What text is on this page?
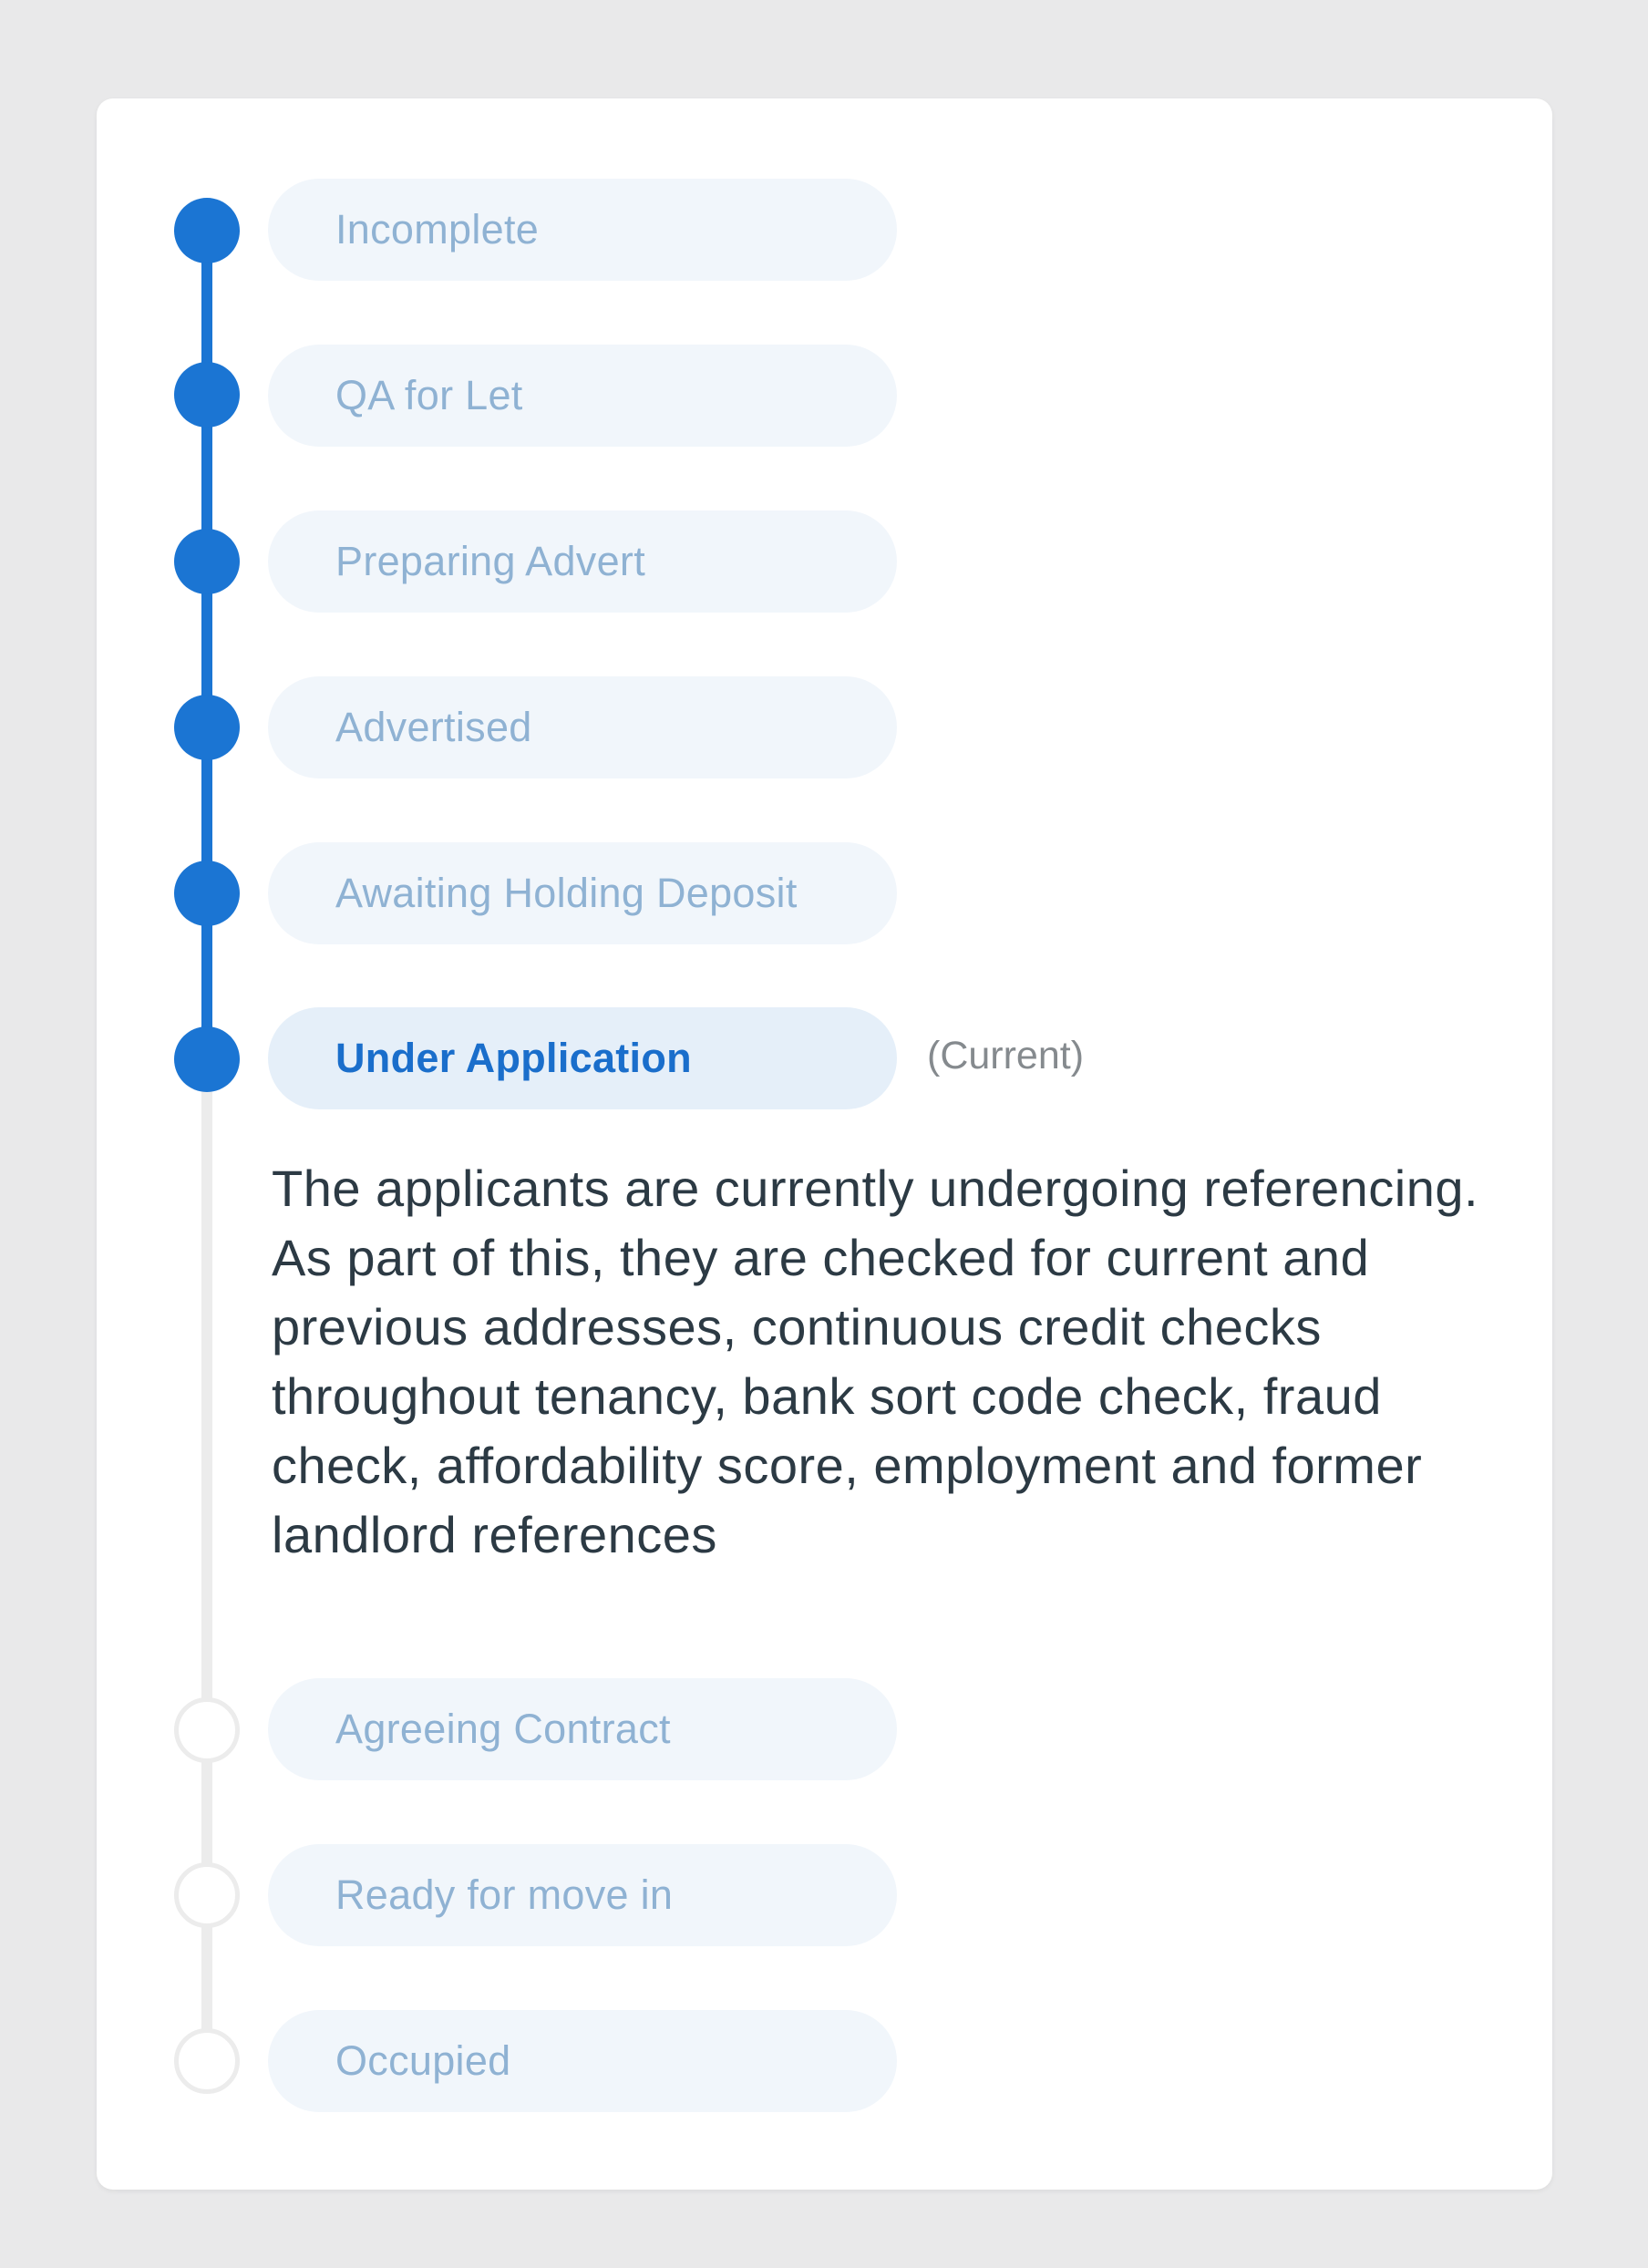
Incomplete
QA for Let
Preparing Advert
Advertised
Awaiting Holding Deposit
Under Application	(Current)
The applicants are currently undergoing referencing. As part of this, they are checked for current and previous addresses, continuous credit checks throughout tenancy, bank sort code check, fraud check, affordability score, employment and former landlord references
Agreeing Contract
Ready for move in
Occupied
